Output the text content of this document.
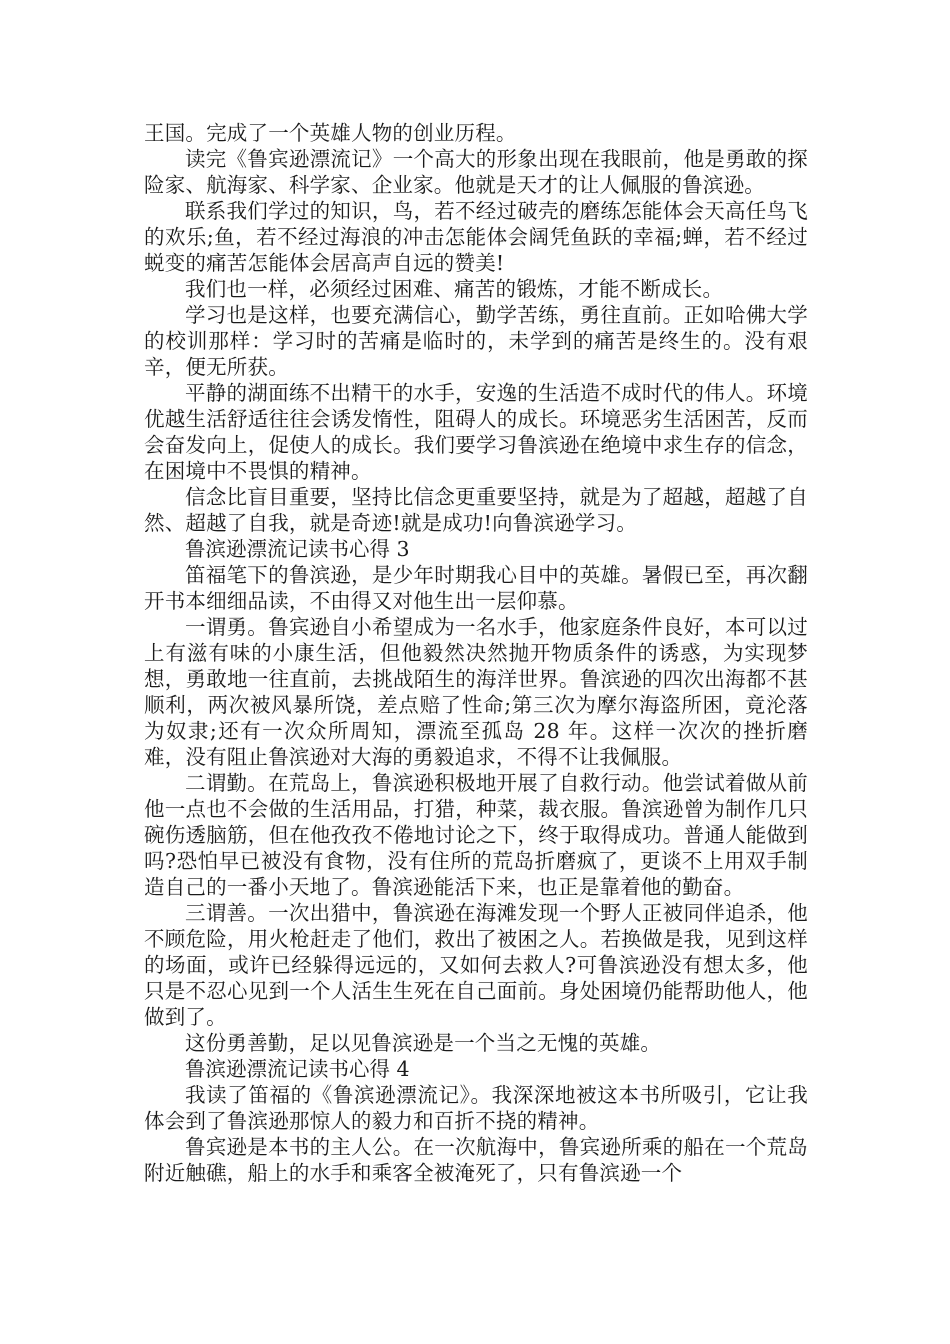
王国。完成了一个英雄人物的创业历程。

读完《鲁宾逊漂流记》一个高大的形象出现在我眼前，他是勇敢的探险家、航海家、科学家、企业家。他就是天才的让人佩服的鲁滨逊。

联系我们学过的知识，鸟，若不经过破壳的磨练怎能体会天高任鸟飞的欢乐;鱼，若不经过海浪的冲击怎能体会阔凭鱼跃的幸福;蝉，若不经过蜕变的痛苦怎能体会居高声自远的赞美!

我们也一样，必须经过困难、痛苦的锻炼，才能不断成长。

学习也是这样，也要充满信心，勤学苦练，勇往直前。正如哈佛大学的校训那样：学习时的苦痛是临时的，未学到的痛苦是终生的。没有艰辛，便无所获。

平静的湖面练不出精干的水手，安逸的生活造不成时代的伟人。环境优越生活舒适往往会诱发惰性，阻碍人的成长。环境恶劣生活困苦，反而会奋发向上，促使人的成长。我们要学习鲁滨逊在绝境中求生存的信念，在困境中不畏惧的精神。

信念比盲目重要，坚持比信念更重要坚持，就是为了超越，超越了自然、超越了自我，就是奇迹!就是成功!向鲁滨逊学习。

鲁滨逊漂流记读书心得 3

笛福笔下的鲁滨逊，是少年时期我心目中的英雄。暑假已至，再次翻开书本细细品读，不由得又对他生出一层仰慕。

一谓勇。鲁宾逊自小希望成为一名水手，他家庭条件良好，本可以过上有滋有味的小康生活，但他毅然决然抛开物质条件的诱惑，为实现梦想，勇敢地一往直前，去挑战陌生的海洋世界。鲁滨逊的四次出海都不甚顺利，两次被风暴所饶，差点赔了性命;第三次为摩尔海盗所困，竟沦落为奴隶;还有一次众所周知，漂流至孤岛 28 年。这样一次次的挫折磨难，没有阻止鲁滨逊对大海的勇毅追求，不得不让我佩服。

二谓勤。在荒岛上，鲁滨逊积极地开展了自救行动。他尝试着做从前他一点也不会做的生活用品，打猎，种菜，裁衣服。鲁滨逊曾为制作几只碗伤透脑筋，但在他孜孜不倦地讨论之下，终于取得成功。普通人能做到吗?恐怕早已被没有食物，没有住所的荒岛折磨疯了，更谈不上用双手制造自己的一番小天地了。鲁滨逊能活下来，也正是靠着他的勤奋。

三谓善。一次出猎中，鲁滨逊在海滩发现一个野人正被同伴追杀，他不顾危险，用火枪赶走了他们，救出了被困之人。若换做是我，见到这样的场面，或许已经躲得远远的，又如何去救人?可鲁滨逊没有想太多，他只是不忍心见到一个人活生生死在自己面前。身处困境仍能帮助他人，他做到了。

这份勇善勤，足以见鲁滨逊是一个当之无愧的英雄。

鲁滨逊漂流记读书心得 4

我读了笛福的《鲁滨逊漂流记》。我深深地被这本书所吸引，它让我体会到了鲁滨逊那惊人的毅力和百折不挠的精神。

鲁宾逊是本书的主人公。在一次航海中，鲁宾逊所乘的船在一个荒岛附近触礁，船上的水手和乘客全被淹死了，只有鲁滨逊一个
